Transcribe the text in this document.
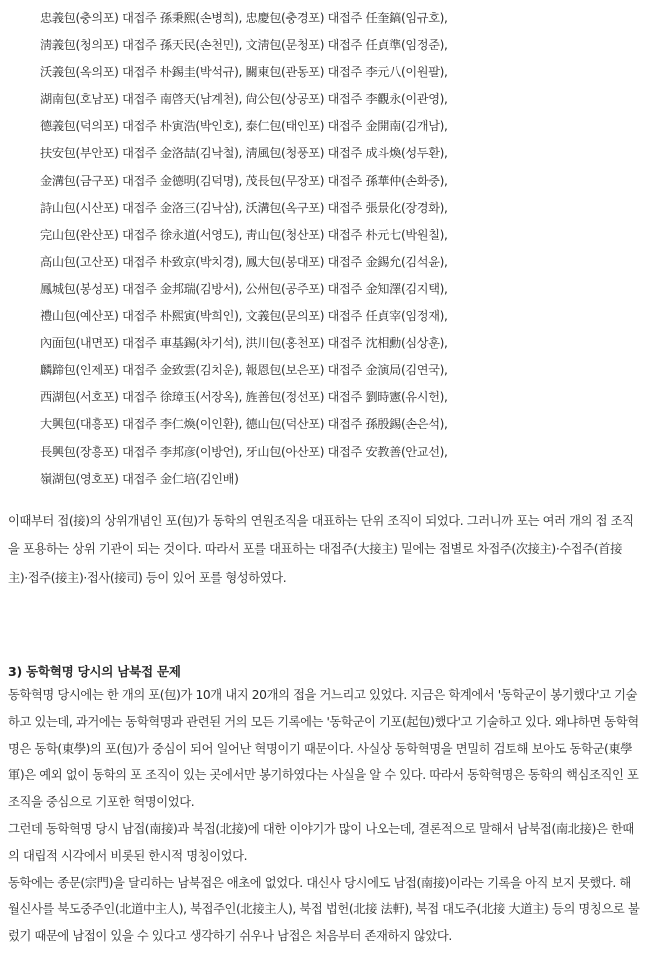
忠義包(충의포) 대접주 孫秉熙(손병희), 忠慶包(충경포) 대접주 任奎鎬(임규호),
淸義包(청의포) 대접주 孫天民(손천민), 文淸包(문청포) 대접주 任貞準(임정준),
沃義包(옥의포) 대접주 朴錫圭(박석규), 關東包(관동포) 대접주 李元八(이원팔),
湖南包(호남포) 대접주 南啓天(남계천), 尙公包(상공포) 대접주 李觀永(이관영),
德義包(덕의포) 대접주 朴寅浩(박인호), 泰仁包(태인포) 대접주 金開南(김개남),
扶安包(부안포) 대접주 金洛喆(김낙철), 淸風包(청풍포) 대접주 成斗煥(성두환),
金溝包(금구포) 대접주 金德明(김덕명), 茂長包(무장포) 대접주 孫華仲(손화중),
詩山包(시산포) 대접주 金洛三(김낙삼), 沃溝包(옥구포) 대접주 張景化(장경화),
完山包(완산포) 대접주 徐永道(서영도), 靑山包(청산포) 대접주 朴元七(박원칠),
高山包(고산포) 대접주 朴致京(박치경), 鳳大包(봉대포) 대접주 金錫允(김석윤),
鳳城包(봉성포) 대접주 金邦瑞(김방서), 公州包(공주포) 대접주 金知澤(김지택),
禮山包(예산포) 대접주 朴熙寅(박희인), 文義包(문의포) 대접주 任貞宰(임정재),
內面包(내면포) 대접주 車基錫(차기석), 洪川包(홍천포) 대접주 沈相勳(심상훈),
麟蹄包(인제포) 대접주 金致雲(김치운), 報恩包(보은포) 대접주 金演局(김연국),
西湖包(서호포) 대접주 徐璋玉(서장옥), 旌善包(정선포) 대접주 劉時憲(유시헌),
大興包(대흥포) 대접주 李仁煥(이인환), 德山包(덕산포) 대접주 孫殷錫(손은석),
長興包(장흥포) 대접주 李邦彦(이방언), 牙山包(아산포) 대접주 安教善(안교선),
嶺湖包(영호포) 대접주 金仁培(김인배)

이때부터 접(接)의 상위개념인 포(包)가 동학의 연원조직을 대표하는 단위 조직이 되었다. 그러니까 포는 여러 개의 접 조직을 포용하는 상위 기관이 되는 것이다. 따라서 포를 대표하는 대접주(大接主) 밑에는 접별로 차접주(次接主)·수접주(首接主)·접주(接主)·접사(接司) 등이 있어 포를 형성하였다.

3) 동학혁명 당시의 남북접 문제
동학혁명 당시에는 한 개의 포(包)가 10개 내지 20개의 접을 거느리고 있었다. 지금은 학계에서 '동학군이 봉기했다'고 기술하고 있는데, 과거에는 동학혁명과 관련된 거의 모든 기록에는 '동학군이 기포(起包)했다'고 기술하고 있다. 왜냐하면 동학혁명은 동학(東學)의 포(包)가 중심이 되어 일어난 혁명이기 때문이다. 사실상 동학혁명을 면밀히 검토해 보아도 동학군(東學軍)은 예외 없이 동학의 포 조직이 있는 곳에서만 봉기하였다는 사실을 알 수 있다. 따라서 동학혁명은 동학의 핵심조직인 포 조직을 중심으로 기포한 혁명이었다.
그런데 동학혁명 당시 남접(南接)과 북접(北接)에 대한 이야기가 많이 나오는데, 결론적으로 말해서 남북접(南北接)은 한때의 대립적 시각에서 비롯된 한시적 명칭이었다.
동학에는 종문(宗門)을 달리하는 남북접은 애초에 없었다. 대신사 당시에도 남접(南接)이라는 기록을 아직 보지 못했다. 해월신사를 북도중주인(北道中主人), 북접주인(北接主人), 북접 법헌(北接 法軒), 북접 대도주(北接 大道主) 등의 명칭으로 불렀기 때문에 남접이 있을 수 있다고 생각하기 쉬우나 남접은 처음부터 존재하지 않았다.
